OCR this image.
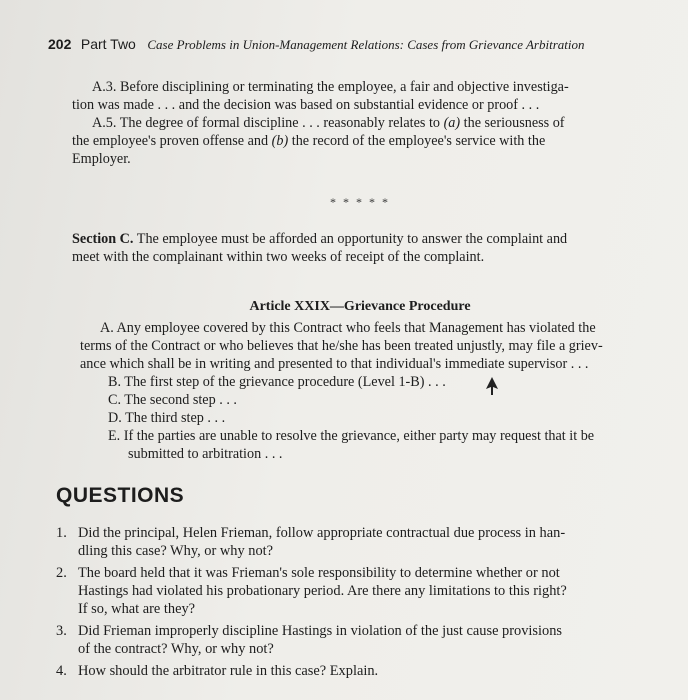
202 Part Two Case Problems in Union-Management Relations: Cases from Grievance Arbitration

A.3. Before disciplining or terminating the employee, a fair and objective investiga-

tion was made . . . and the decision was based on substantial evidence or proof . . .

A.5. The degree of formal discipline . . . reasonably relates to (a) the seriousness of

the employee's proven offense and (b) the record of the employee's service with the

Employer.

* * * * *

Section C. The employee must be afforded an opportunity to answer the complaint and

meet with the complainant within two weeks of receipt of the complaint.

Article XXIX—Grievance Procedure

A. Any employee covered by this Contract who feels that Management has violated the

terms of the Contract or who believes that he/she has been treated unjustly, may file a griev-

ance which shall be in writing and presented to that individual's immediate supervisor . . .

B. The first step of the grievance procedure (Level 1-B) . . .

C. The second step . . .

D. The third step . . .

E. If the parties are unable to resolve the grievance, either party may request that it be

submitted to arbitration . . .

QUESTIONS
1. Did the principal, Helen Frieman, follow appropriate contractual due process in han-
dling this case? Why, or why not?
2. The board held that it was Frieman's sole responsibility to determine whether or not
Hastings had violated his probationary period. Are there any limitations to this right?
If so, what are they?
3. Did Frieman improperly discipline Hastings in violation of the just cause provisions
of the contract? Why, or why not?
4. How should the arbitrator rule in this case? Explain.
